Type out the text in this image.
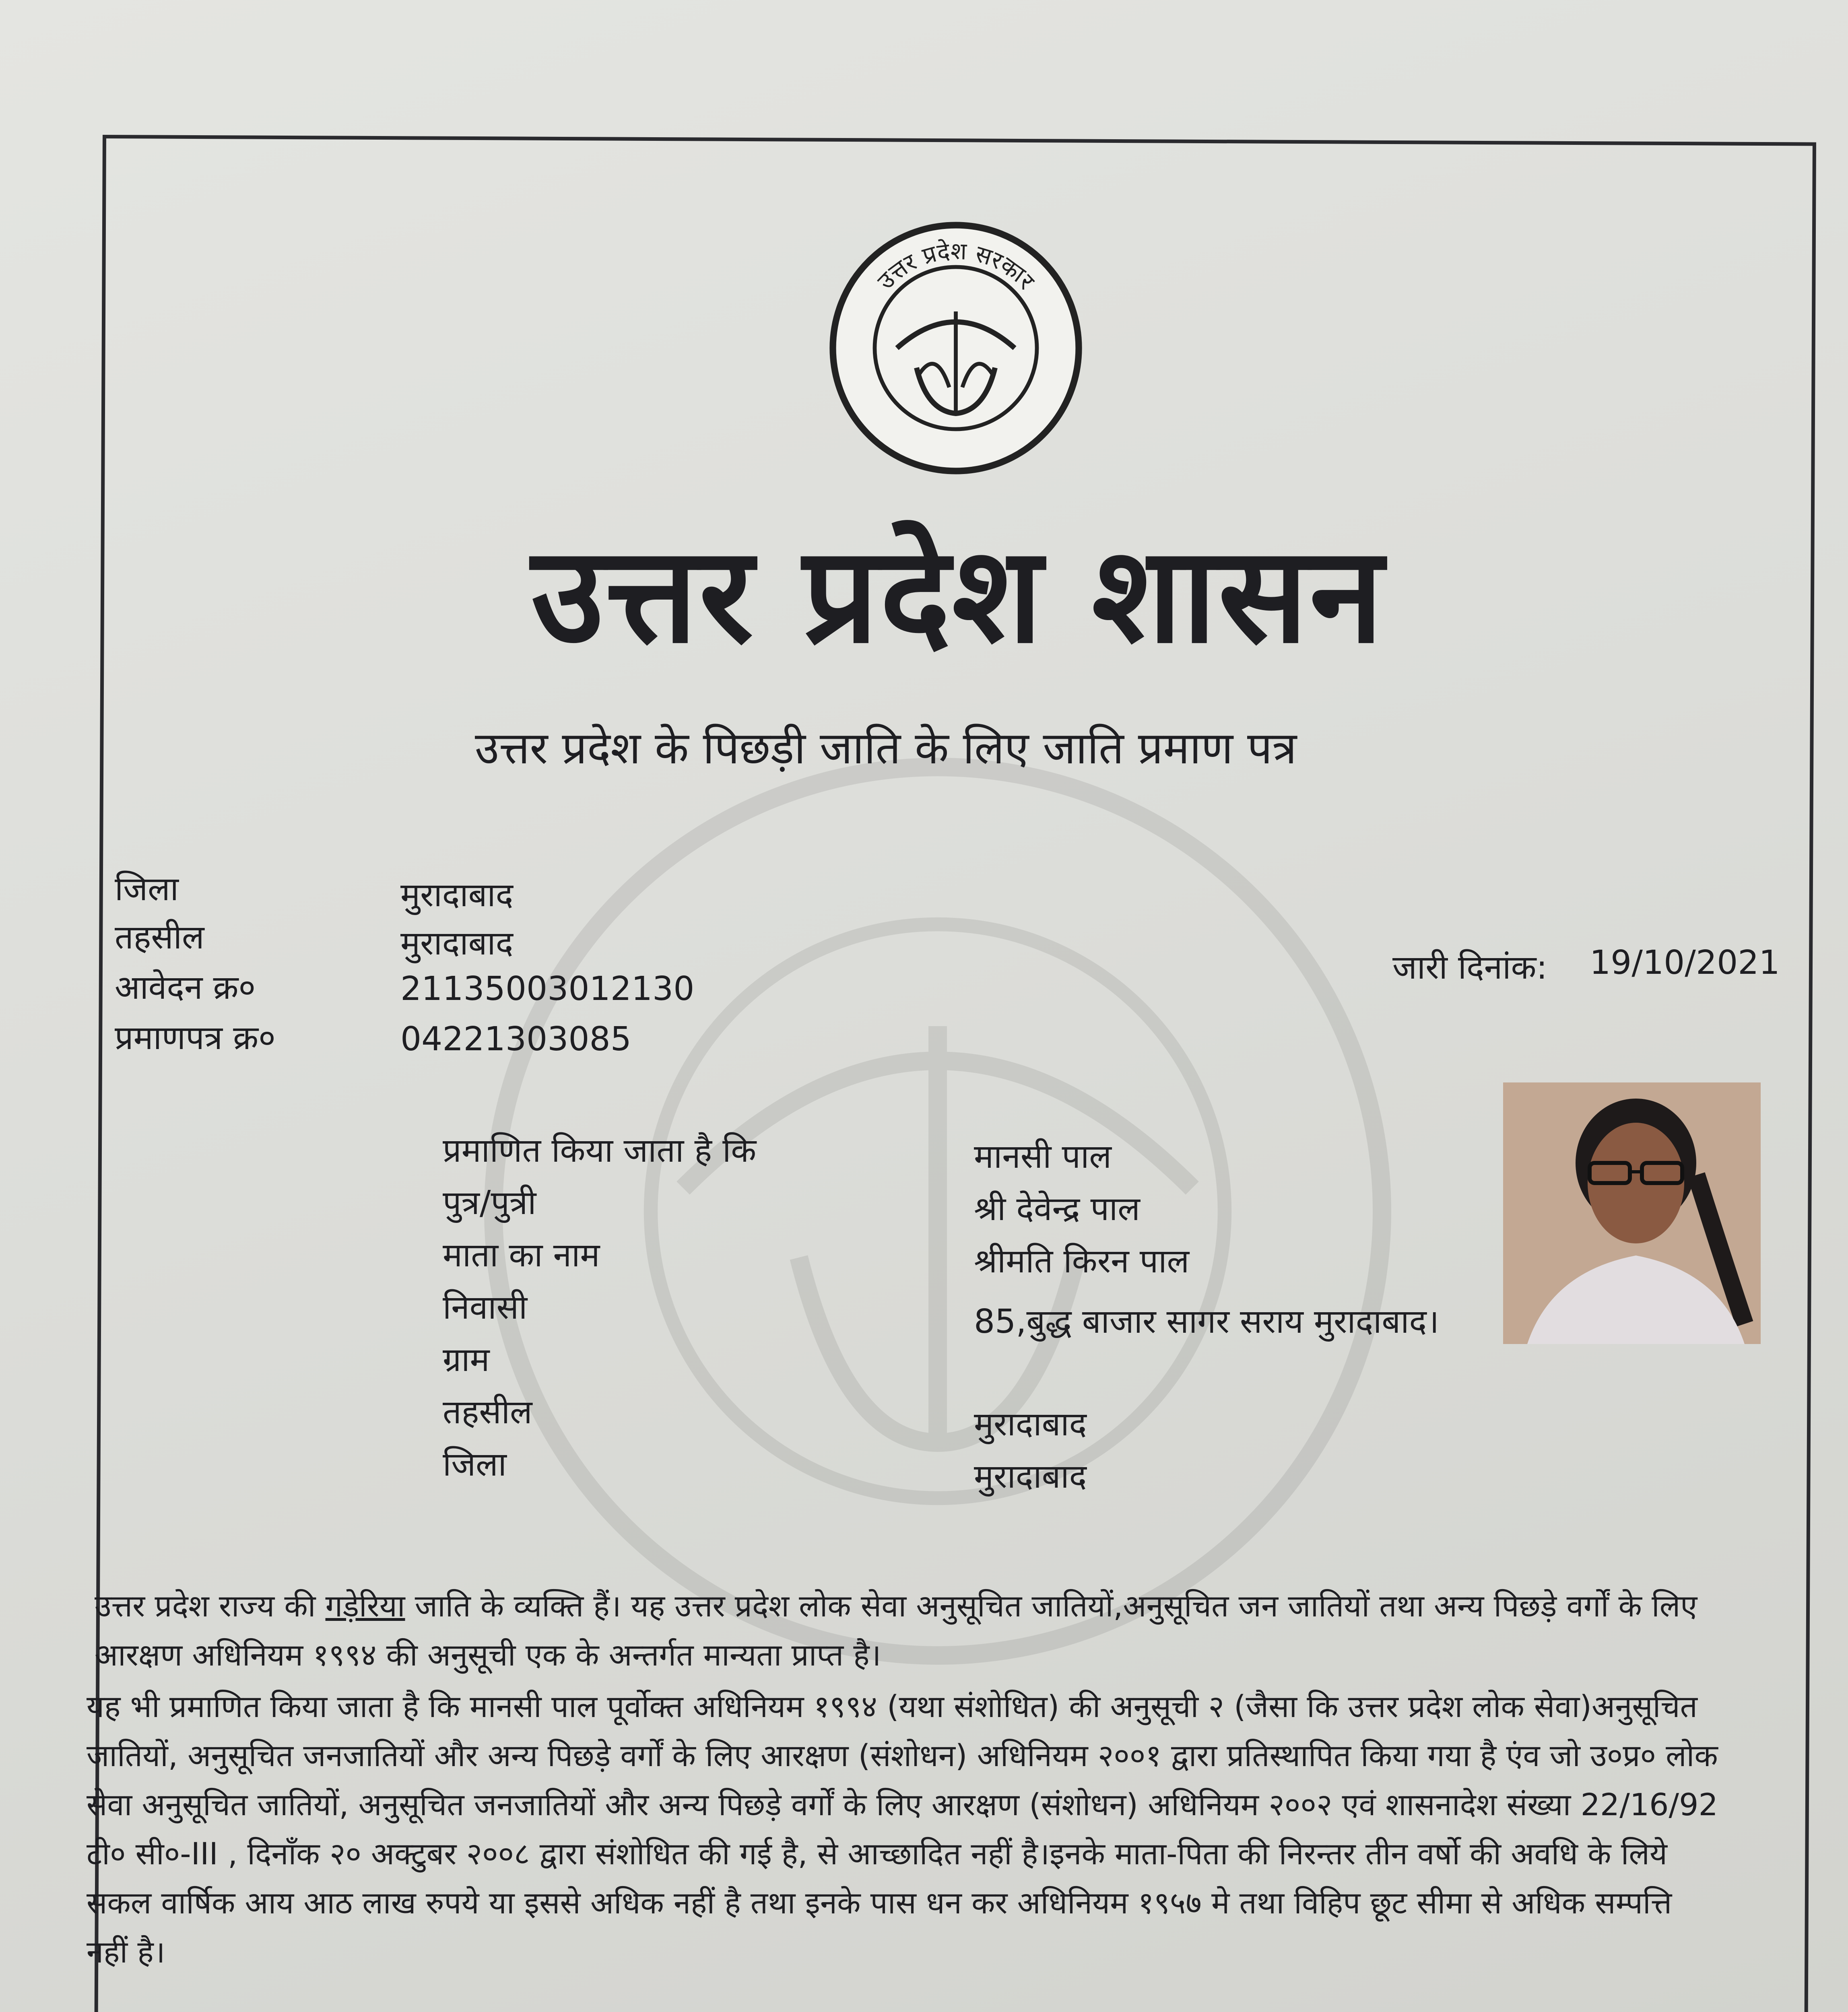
उत्तर प्रदेश सरकार
उत्तर प्रदेश शासन
उत्तर प्रदेश के पिछड़ी जाति के लिए जाति प्रमाण पत्र
जिला	मुरादाबाद
तहसील	मुरादाबाद
आवेदन क्र०	21135003012130
प्रमाणपत्र क्र०	04221303085
जारी दिनांक: 19/10/2021
प्रमाणित किया जाता है कि	मानसी पाल
पुत्र/पुत्री	श्री देवेन्द्र पाल
माता का नाम	श्रीमति किरन पाल
निवासी	85,बुद्ध बाजार सागर सराय मुरादाबाद।
ग्राम
तहसील	मुरादाबाद
जिला	मुरादाबाद
उत्तर प्रदेश राज्य की गड़ेरिया जाति के व्यक्ति हैं। यह उत्तर प्रदेश लोक सेवा अनुसूचित जातियों,अनुसूचित जन जातियों तथा अन्य पिछड़े वर्गों के लिए आरक्षण अधिनियम १९९४ की अनुसूची एक के अन्तर्गत मान्यता प्राप्त है।
यह भी प्रमाणित किया जाता है कि मानसी पाल पूर्वोक्त अधिनियम १९९४ (यथा संशोधित) की अनुसूची २ (जैसा कि उत्तर प्रदेश लोक सेवा)अनुसूचित जातियों, अनुसूचित जनजातियों और अन्य पिछड़े वर्गों के लिए आरक्षण (संशोधन) अधिनियम २००१ द्वारा प्रतिस्थापित किया गया है एंव जो उ०प्र० लोक सेवा अनुसूचित जातियों, अनुसूचित जनजातियों और अन्य पिछड़े वर्गों के लिए आरक्षण (संशोधन) अधिनियम २००२ एवं शासनादेश संख्या 22/16/92 टी० सी०-III , दिनाँक २० अक्टुबर २००८ द्वारा संशोधित की गई है, से आच्छादित नहीं है।इनके माता-पिता की निरन्तर तीन वर्षो की अवधि के लिये सकल वार्षिक आय आठ लाख रुपये या इससे अधिक नहीं है तथा इनके पास धन कर अधिनियम १९५७ मे तथा विहिप छूट सीमा से अधिक सम्पत्ति नहीं है।
